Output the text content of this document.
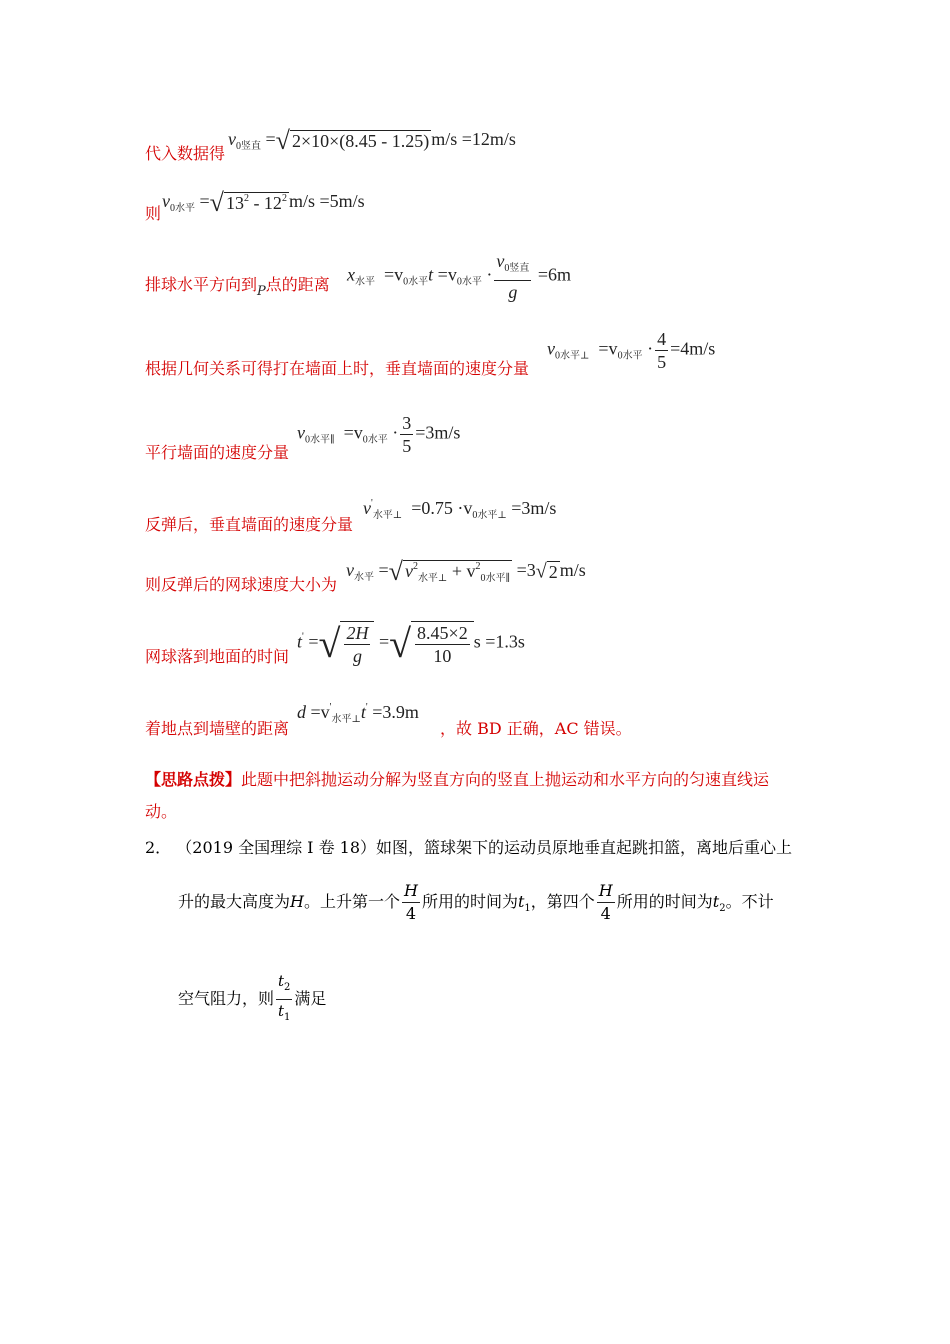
代入数据得
$v_{0竖直}$ =√ 2×10×(8.45 - 1.25) m/s =12m/s
则
$v_{0水平}$ =√ $13^2 - 12^2$ m/s =5m/s
排球水平方向到$_P$点的距离 $x_{水平} =v_{0水平}t =v_{0水平} \cdot \frac{v_{0竖直}}{g} =6m$
根据几何关系可得打在墙面上时，垂直墙面的速度分量
$v_{0水平\perp} =v_{0水平} \cdot \frac{4}{5} =4m/s$
平行墙面的速度分量
$v_{0水平\parallel} =v_{0水平} \cdot \frac{3}{5} =3m/s$
反弹后，垂直墙面的速度分量
$v'_{水平\perp} =0.75 \cdot v_{0水平\perp} =3m/s$
则反弹后的网球速度大小为
$v_{水平}$ =√ $v^2_{水平\perp} + v^2_{0水平\parallel} =3√$ 2 m/s
网球落到地面的时间
t' =√ $\frac{2H}{g}$ =√ $\frac{8.45\times 2}{10}$ s =1.3s
着地点到墙壁的距离
$d =v'_{水平\perp}t' =3.9m$
，故 BD 正确，AC 错误。
【思路点拨】此题中把斜抛运动分解为竖直方向的竖直上抛运动和水平方向的匀速直线运
动。
2． （2019 全国理综 I 卷 18）如图，篮球架下的运动员原地垂直起跳扣篮，离地后重心上
升的最大高度为H。上升第一个 $\frac{H}{4}$ 所用的时间为$t_1$，第四个 $\frac{H}{4}$ 所用的时间为$t_2$。不计
空气阻力，则 $\frac{t_2}{t_1}$ 满足
